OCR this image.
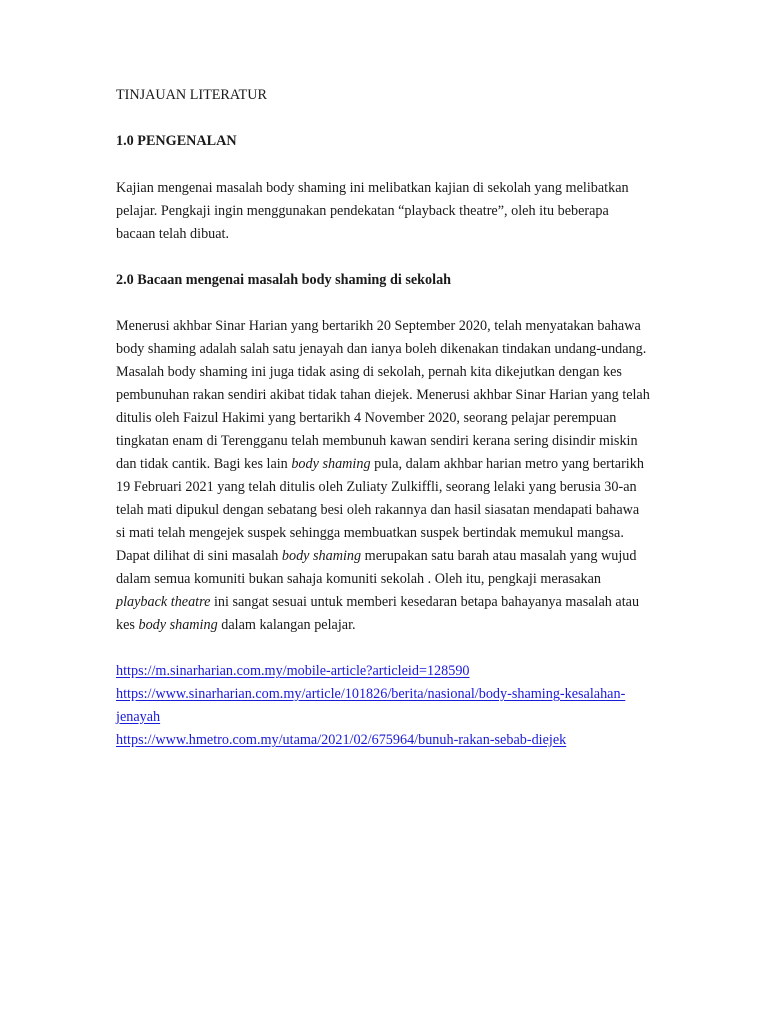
TINJAUAN LITERATUR
1.0 PENGENALAN
Kajian mengenai masalah body shaming ini melibatkan kajian di sekolah yang melibatkan
pelajar. Pengkaji ingin menggunakan pendekatan “playback theatre”, oleh itu beberapa
bacaan telah dibuat.
2.0 Bacaan mengenai masalah body shaming di sekolah
Menerusi akhbar Sinar Harian yang bertarikh 20 September 2020, telah menyatakan bahawa
body shaming adalah salah satu jenayah dan ianya boleh dikenakan tindakan undang-undang.
Masalah body shaming ini juga tidak asing di sekolah, pernah kita dikejutkan dengan kes
pembunuhan rakan sendiri akibat tidak tahan diejek. Menerusi akhbar Sinar Harian yang telah
ditulis oleh Faizul Hakimi yang bertarikh 4 November 2020, seorang pelajar perempuan
tingkatan enam di Terengganu telah membunuh kawan sendiri kerana sering disindir miskin
dan tidak cantik. Bagi kes lain body shaming pula, dalam akhbar harian metro yang bertarikh
19 Februari 2021 yang telah ditulis oleh Zuliaty Zulkiffli, seorang lelaki yang berusia 30-an
telah mati dipukul dengan sebatang besi oleh rakannya dan hasil siasatan mendapati bahawa
si mati telah mengejek suspek sehingga membuatkan suspek bertindak memukul mangsa.
Dapat dilihat di sini masalah body shaming merupakan satu barah atau masalah yang wujud
dalam semua komuniti bukan sahaja komuniti sekolah . Oleh itu, pengkaji merasakan
playback theatre ini sangat sesuai untuk memberi kesedaran betapa bahayanya masalah atau
kes body shaming dalam kalangan pelajar.
https://m.sinarharian.com.my/mobile-article?articleid=128590
https://www.sinarharian.com.my/article/101826/berita/nasional/body-shaming-kesalahan-
jenayah
https://www.hmetro.com.my/utama/2021/02/675964/bunuh-rakan-sebab-diejek
